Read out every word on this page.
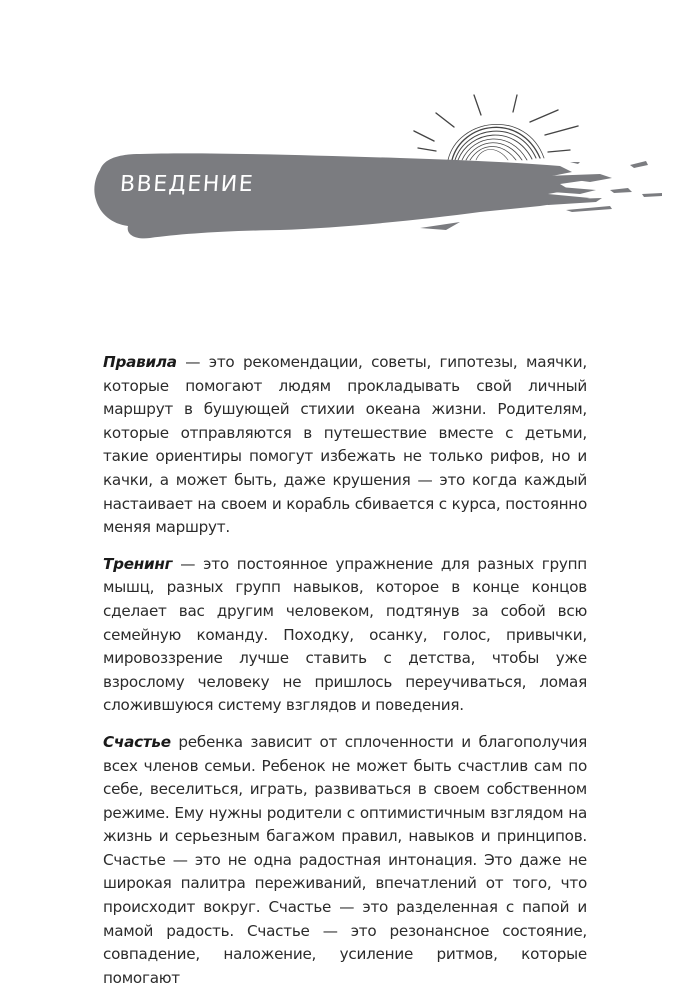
ВВЕДЕНИЕ

Правила — это рекомендации, советы, гипотезы, маячки, которые помогают людям прокладывать свой личный маршрут в бушующей стихии океана жизни. Родителям, которые отправляются в путешествие вместе с детьми, такие ориентиры помогут избежать не только рифов, но и качки, а может быть, даже крушения — это когда каждый настаивает на своем и корабль сбивается с курса, постоянно меняя маршрут.

Тренинг — это постоянное упражнение для разных групп мышц, разных групп навыков, которое в конце концов сделает вас другим человеком, подтянув за собой всю семейную команду. Походку, осанку, голос, привычки, мировоззрение лучше ставить с детства, чтобы уже взрослому человеку не пришлось переучиваться, ломая сложившуюся систему взглядов и поведения.

Счастье ребенка зависит от сплоченности и благополучия всех членов семьи. Ребенок не может быть счастлив сам по себе, веселиться, играть, развиваться в своем собственном режиме. Ему нужны родители с оптимистичным взглядом на жизнь и серьезным багажом правил, навыков и принципов. Счастье — это не одна радостная интонация. Это даже не широкая палитра переживаний, впечатлений от того, что происходит вокруг. Счастье — это разделенная с папой и мамой радость. Счастье — это резонансное состояние, совпадение, наложение, усиление ритмов, которые помогают
